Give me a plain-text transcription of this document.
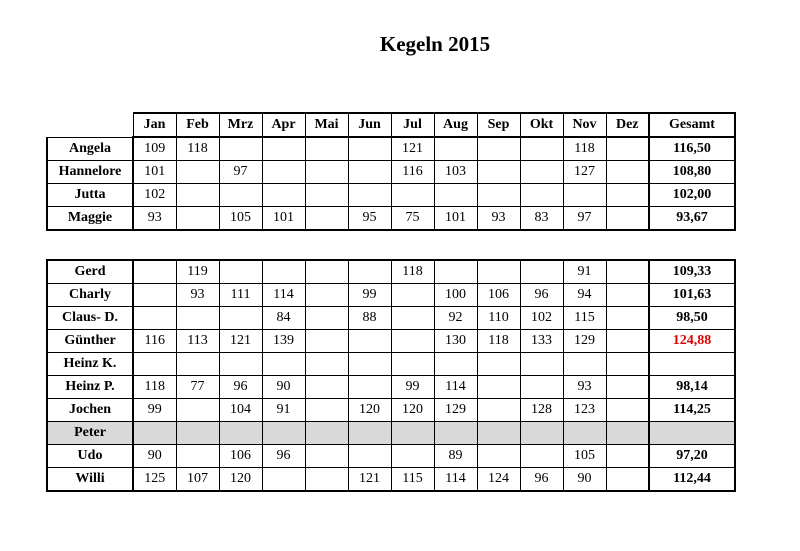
Kegeln 2015
	Jan	Feb	Mrz	Apr	Mai	Jun	Jul	Aug	Sep	Okt	Nov	Dez	Gesamt
Angela	109	118					121				118		116,50
Hannelore	101		97				116	103			127		108,80
Jutta	102												102,00
Maggie	93		105	101		95	75	101	93	83	97		93,67
Gerd		119					118				91		109,33
Charly		93	111	114		99		100	106	96	94		101,63
Claus- D.				84		88		92	110	102	115		98,50
Günther	116	113	121	139				130	118	133	129		124,88
Heinz K.													
Heinz P.	118	77	96	90			99	114			93		98,14
Jochen	99		104	91		120	120	129		128	123		114,25
Peter													
Udo	90		106	96				89			105		97,20
Willi	125	107	120			121	115	114	124	96	90		112,44
